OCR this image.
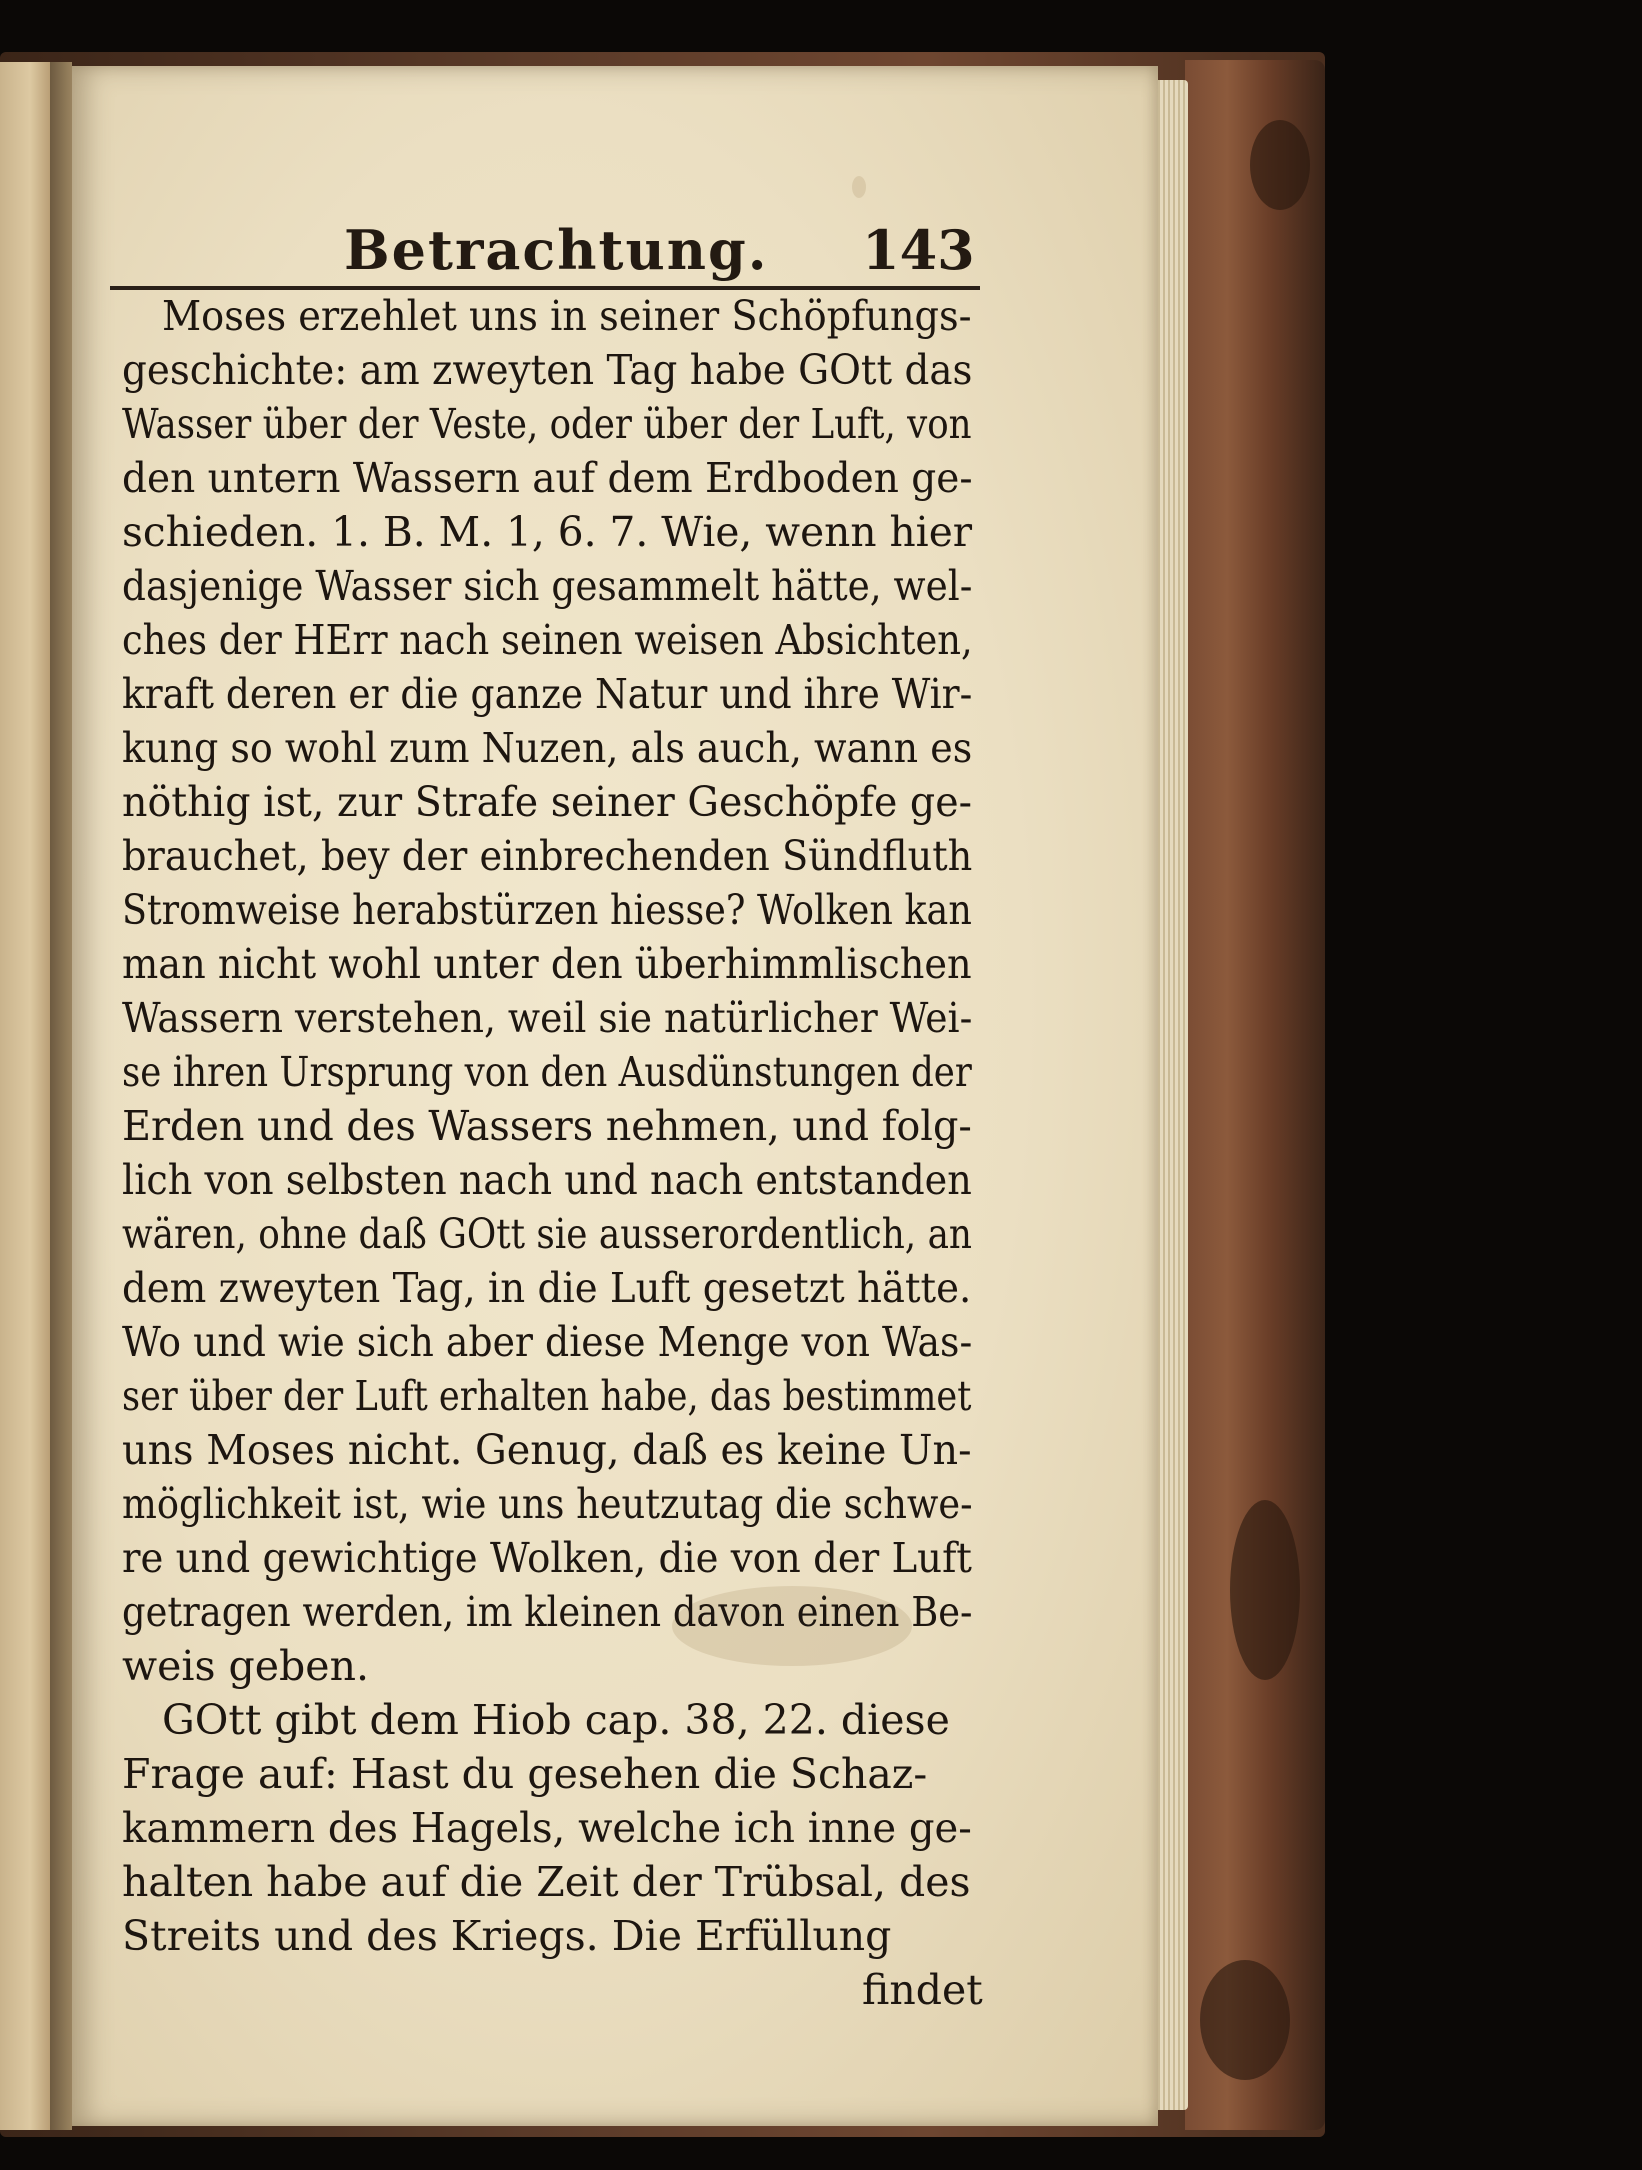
Betrachtung. 143
Moses erzehlet uns in seiner Schöpfungs-
geschichte: am zweyten Tag habe GOtt das
Wasser über der Veste, oder über der Luft, von
den untern Wassern auf dem Erdboden ge-
schieden. 1. B. M. 1, 6. 7. Wie, wenn hier
dasjenige Wasser sich gesammelt hätte, wel-
ches der HErr nach seinen weisen Absichten,
kraft deren er die ganze Natur und ihre Wir-
kung so wohl zum Nuzen, als auch, wann es
nöthig ist, zur Strafe seiner Geschöpfe ge-
brauchet, bey der einbrechenden Sündfluth
Stromweise herabstürzen hiesse? Wolken kan
man nicht wohl unter den überhimmlischen
Wassern verstehen, weil sie natürlicher Wei-
se ihren Ursprung von den Ausdünstungen der
Erden und des Wassers nehmen, und folg-
lich von selbsten nach und nach entstanden
wären, ohne daß GOtt sie ausserordentlich, an
dem zweyten Tag, in die Luft gesetzt hätte.
Wo und wie sich aber diese Menge von Was-
ser über der Luft erhalten habe, das bestimmet
uns Moses nicht. Genug, daß es keine Un-
möglichkeit ist, wie uns heutzutag die schwe-
re und gewichtige Wolken, die von der Luft
getragen werden, im kleinen davon einen Be-
weis geben.
GOtt gibt dem Hiob cap. 38, 22. diese
Frage auf: Hast du gesehen die Schaz-
kammern des Hagels, welche ich inne ge-
halten habe auf die Zeit der Trübsal, des
Streits und des Kriegs. Die Erfüllung
findet
